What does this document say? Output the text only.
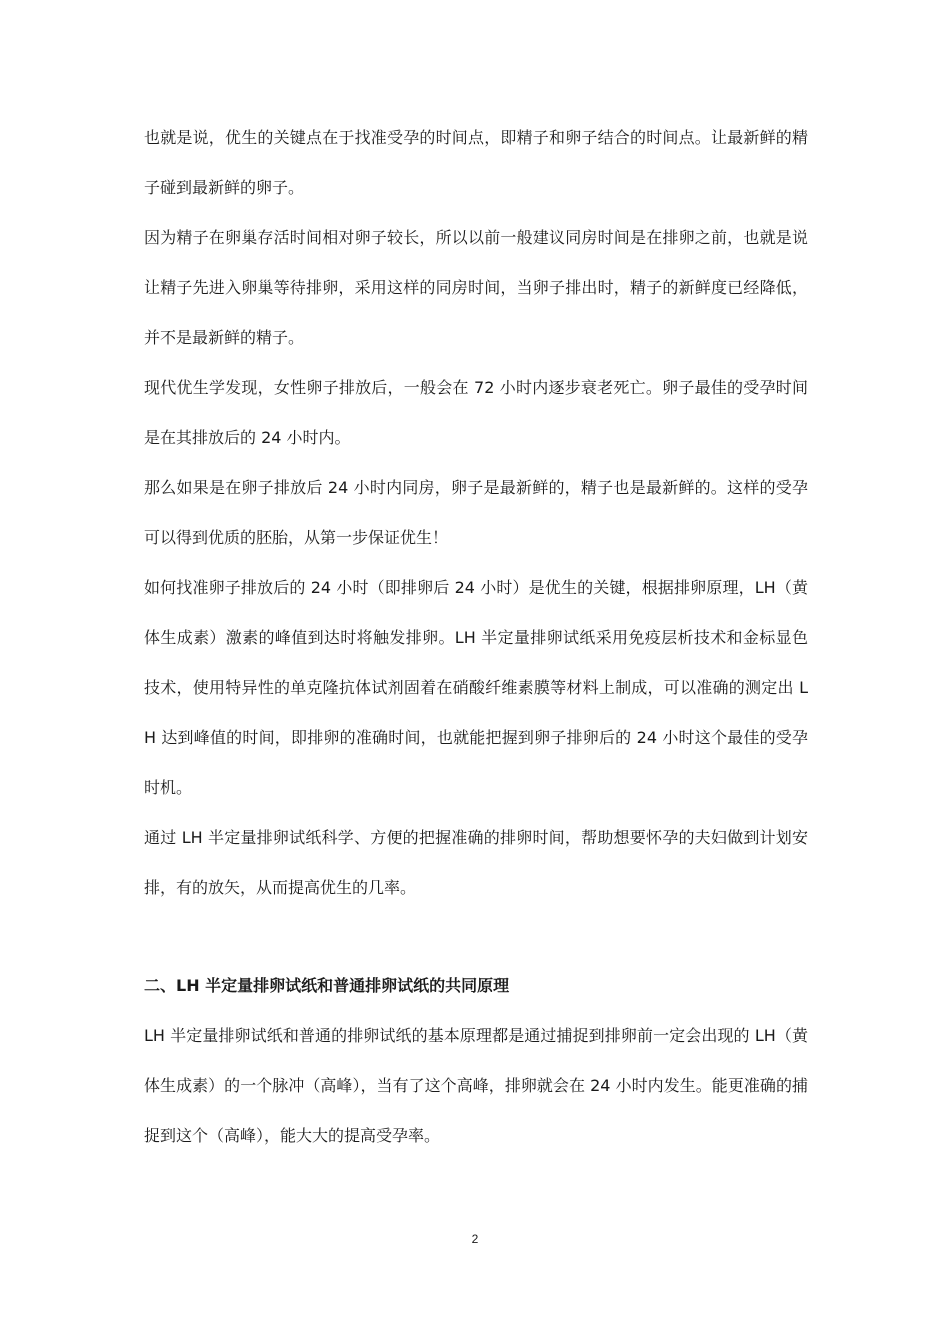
也就是说，优生的关键点在于找准受孕的时间点，即精子和卵子结合的时间点。让最新鲜的精子碰到最新鲜的卵子。

因为精子在卵巢存活时间相对卵子较长，所以以前一般建议同房时间是在排卵之前，也就是说让精子先进入卵巢等待排卵，采用这样的同房时间，当卵子排出时，精子的新鲜度已经降低，并不是最新鲜的精子。

现代优生学发现，女性卵子排放后，一般会在 72 小时内逐步衰老死亡。卵子最佳的受孕时间是在其排放后的 24 小时内。

那么如果是在卵子排放后 24 小时内同房，卵子是最新鲜的，精子也是最新鲜的。这样的受孕可以得到优质的胚胎，从第一步保证优生！

如何找准卵子排放后的 24 小时（即排卵后 24 小时）是优生的关键，根据排卵原理，LH（黄体生成素）激素的峰值到达时将触发排卵。LH 半定量排卵试纸采用免疫层析技术和金标显色技术，使用特异性的单克隆抗体试剂固着在硝酸纤维素膜等材料上制成，可以准确的测定出 LH 达到峰值的时间，即排卵的准确时间，也就能把握到卵子排卵后的 24 小时这个最佳的受孕时机。

通过 LH 半定量排卵试纸科学、方便的把握准确的排卵时间，帮助想要怀孕的夫妇做到计划安排，有的放矢，从而提高优生的几率。

二、LH 半定量排卵试纸和普通排卵试纸的共同原理

LH 半定量排卵试纸和普通的排卵试纸的基本原理都是通过捕捉到排卵前一定会出现的 LH（黄体生成素）的一个脉冲（高峰），当有了这个高峰，排卵就会在 24 小时内发生。能更准确的捕捉到这个（高峰），能大大的提高受孕率。

2
